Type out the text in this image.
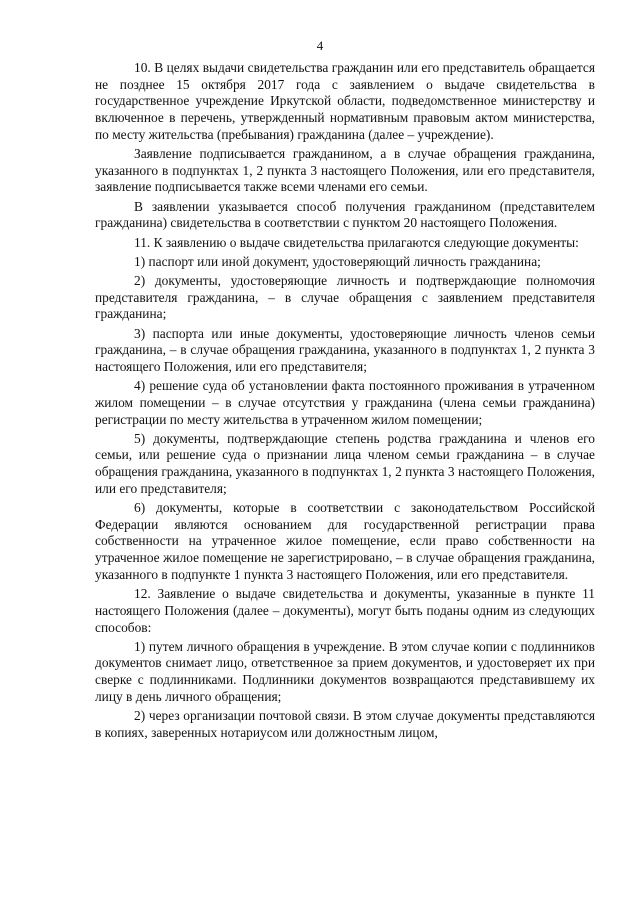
4

10. В целях выдачи свидетельства гражданин или его представитель обращается не позднее 15 октября 2017 года с заявлением о выдаче свидетельства в государственное учреждение Иркутской области, подведомственное министерству и включенное в перечень, утвержденный нормативным правовым актом министерства, по месту жительства (пребывания) гражданина (далее – учреждение).

Заявление подписывается гражданином, а в случае обращения гражданина, указанного в подпунктах 1, 2 пункта 3 настоящего Положения, или его представителя, заявление подписывается также всеми членами его семьи.

В заявлении указывается способ получения гражданином (представителем гражданина) свидетельства в соответствии с пунктом 20 настоящего Положения.

11. К заявлению о выдаче свидетельства прилагаются следующие документы:

1) паспорт или иной документ, удостоверяющий личность гражданина;

2) документы, удостоверяющие личность и подтверждающие полномочия представителя гражданина, – в случае обращения с заявлением представителя гражданина;

3) паспорта или иные документы, удостоверяющие личность членов семьи гражданина, – в случае обращения гражданина, указанного в подпунктах 1, 2 пункта 3 настоящего Положения, или его представителя;

4) решение суда об установлении факта постоянного проживания в утраченном жилом помещении – в случае отсутствия у гражданина (члена семьи гражданина) регистрации по месту жительства в утраченном жилом помещении;

5) документы, подтверждающие степень родства гражданина и членов его семьи, или решение суда о признании лица членом семьи гражданина – в случае обращения гражданина, указанного в подпунктах 1, 2 пункта 3 настоящего Положения, или его представителя;

6) документы, которые в соответствии с законодательством Российской Федерации являются основанием для государственной регистрации права собственности на утраченное жилое помещение, если право собственности на утраченное жилое помещение не зарегистрировано, – в случае обращения гражданина, указанного в подпункте 1 пункта 3 настоящего Положения, или его представителя.

12. Заявление о выдаче свидетельства и документы, указанные в пункте 11 настоящего Положения (далее – документы), могут быть поданы одним из следующих способов:

1) путем личного обращения в учреждение. В этом случае копии с подлинников документов снимает лицо, ответственное за прием документов, и удостоверяет их при сверке с подлинниками. Подлинники документов возвращаются представившему их лицу в день личного обращения;

2) через организации почтовой связи. В этом случае документы представляются в копиях, заверенных нотариусом или должностным лицом,
